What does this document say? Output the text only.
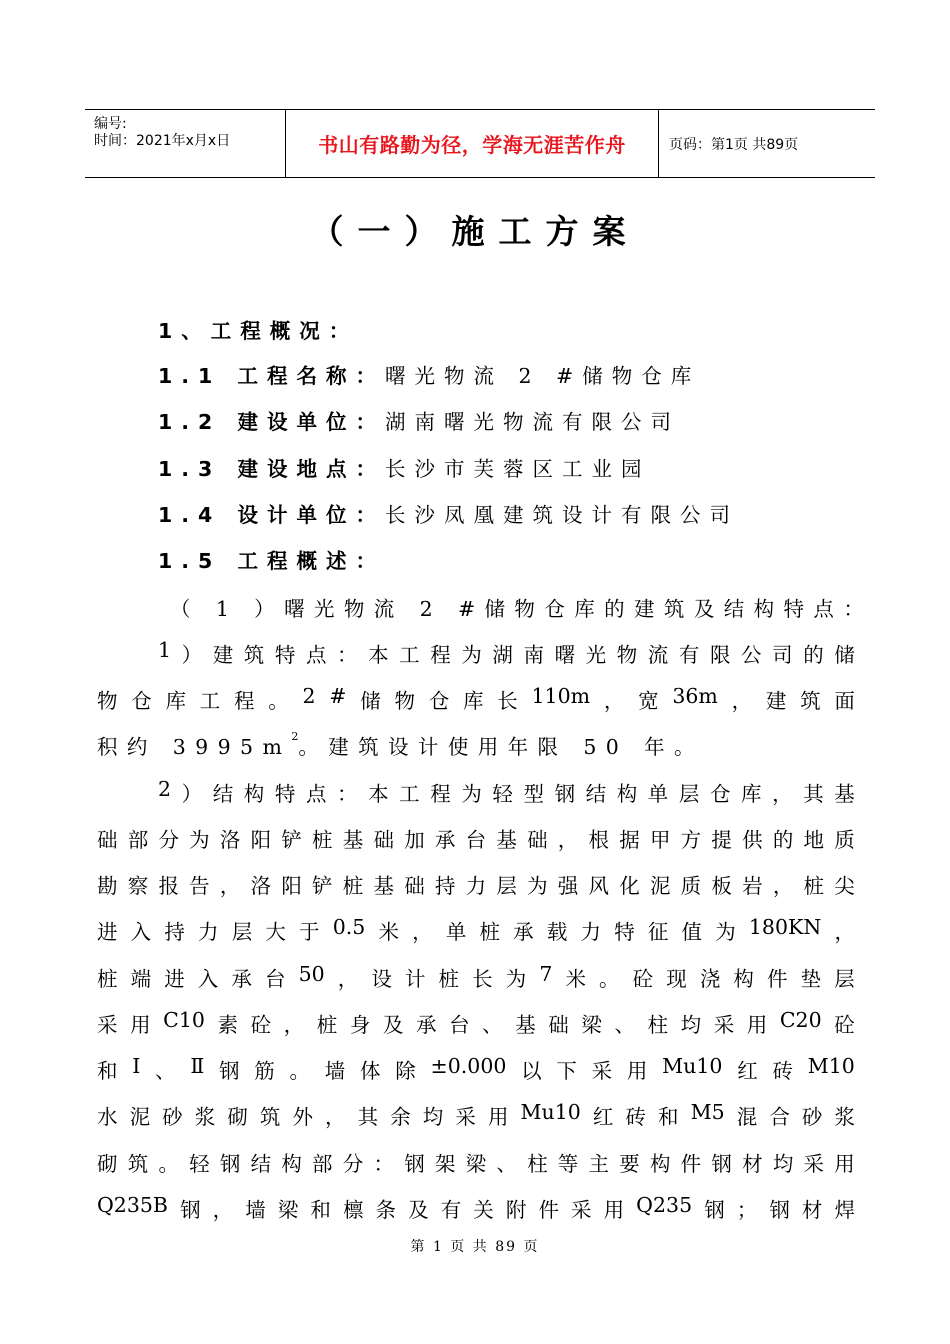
编号:
时间：2021年x月x日	书山有路勤为径，学海无涯苦作舟	页码：第1页 共89页
（一）施工方案
1、工程概况：
1.1 工程名称：曙光物流 2 #储物仓库
1.2 建设单位：湖南曙光物流有限公司
1.3 建设地点：长沙市芙蓉区工业园
1.4 设计单位：长沙凤凰建筑设计有限公司
1.5 工程概述：
（ 1 ）曙光物流 2 #储物仓库的建筑及结构特点：
1 ） 建 筑 特 点 ： 本 工 程 为 湖 南 曙 光 物 流 有 限 公 司 的 储
物 仓 库 工 程 。 2 # 储 物 仓 库 长 110m ， 宽 36m ， 建 筑 面
积约 3995m 2 。建筑设计使用年限 50 年。
2 ） 结 构 特 点 ： 本 工 程 为 轻 型 钢 结 构 单 层 仓 库 ， 其 基
础 部 分 为 洛 阳 铲 桩 基 础 加 承 台 基 础 ， 根 据 甲 方 提 供 的 地 质
勘 察 报 告 ， 洛 阳 铲 桩 基 础 持 力 层 为 强 风 化 泥 质 板 岩 ， 桩 尖
进 入 持 力 层 大 于 0.5 米 ， 单 桩 承 载 力 特 征 值 为 180KN ，
桩 端 进 入 承 台 50 ， 设 计 桩 长 为 7 米 。 砼 现 浇 构 件 垫 层
采 用 C10 素 砼 ， 桩 身 及 承 台 、 基 础 梁 、 柱 均 采 用 C20 砼
和 Ⅰ 、 Ⅱ 钢 筋 。 墙 体 除 ±0.000 以 下 采 用 Mu10 红 砖 M10
水 泥 砂 浆 砌 筑 外 ， 其 余 均 采 用 Mu10 红 砖 和 M5 混 合 砂 浆
砌 筑 。 轻 钢 结 构 部 分 ： 钢 架 梁 、 柱 等 主 要 构 件 钢 材 均 采 用
Q235B 钢 ， 墙 梁 和 檩 条 及 有 关 附 件 采 用 Q235 钢 ； 钢 材 焊
第 1 页 共 89 页
